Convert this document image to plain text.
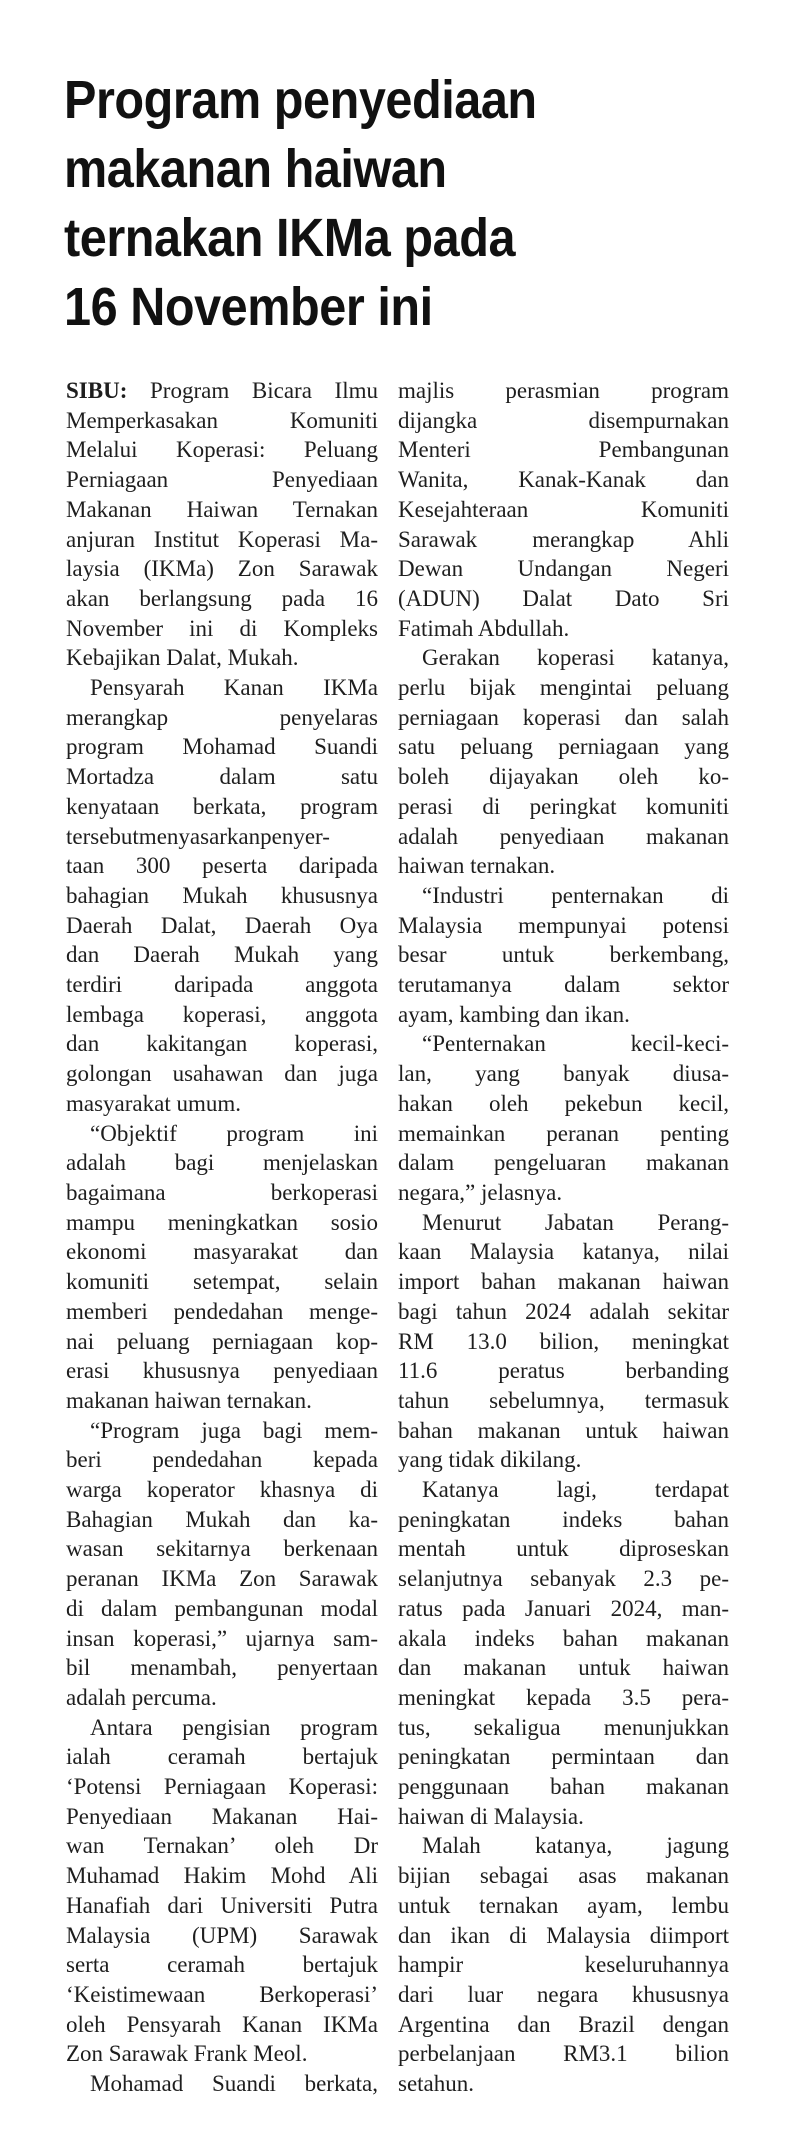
Program penyediaan
makanan haiwan
ternakan IKMa pada
16 November ini
SIBU: Program Bicara Ilmu
Memperkasakan Komuniti
Melalui Koperasi: Peluang
Perniagaan Penyediaan
Makanan Haiwan Ternakan
anjuran Institut Koperasi Ma-
laysia (IKMa) Zon Sarawak
akan berlangsung pada 16
November ini di Kompleks
Kebajikan Dalat, Mukah.
Pensyarah Kanan IKMa
merangkap penyelaras
program Mohamad Suandi
Mortadza dalam satu
kenyataan berkata, program
tersebutmenyasarkanpenyer-
taan 300 peserta daripada
bahagian Mukah khususnya
Daerah Dalat, Daerah Oya
dan Daerah Mukah yang
terdiri daripada anggota
lembaga koperasi, anggota
dan kakitangan koperasi,
golongan usahawan dan juga
masyarakat umum.
“Objektif program ini
adalah bagi menjelaskan
bagaimana berkoperasi
mampu meningkatkan sosio
ekonomi masyarakat dan
komuniti setempat, selain
memberi pendedahan menge-
nai peluang perniagaan kop-
erasi khususnya penyediaan
makanan haiwan ternakan.
“Program juga bagi mem-
beri pendedahan kepada
warga koperator khasnya di
Bahagian Mukah dan ka-
wasan sekitarnya berkenaan
peranan IKMa Zon Sarawak
di dalam pembangunan modal
insan koperasi,” ujarnya sam-
bil menambah, penyertaan
adalah percuma.
Antara pengisian program
ialah ceramah bertajuk
‘Potensi Perniagaan Koperasi:
Penyediaan Makanan Hai-
wan Ternakan’ oleh Dr
Muhamad Hakim Mohd Ali
Hanafiah dari Universiti Putra
Malaysia (UPM) Sarawak
serta ceramah bertajuk
‘Keistimewaan Berkoperasi’
oleh Pensyarah Kanan IKMa
Zon Sarawak Frank Meol.
Mohamad Suandi berkata,
majlis perasmian program
dijangka disempurnakan
Menteri Pembangunan
Wanita, Kanak-Kanak dan
Kesejahteraan Komuniti
Sarawak merangkap Ahli
Dewan Undangan Negeri
(ADUN) Dalat Dato Sri
Fatimah Abdullah.
Gerakan koperasi katanya,
perlu bijak mengintai peluang
perniagaan koperasi dan salah
satu peluang perniagaan yang
boleh dijayakan oleh ko-
perasi di peringkat komuniti
adalah penyediaan makanan
haiwan ternakan.
“Industri penternakan di
Malaysia mempunyai potensi
besar untuk berkembang,
terutamanya dalam sektor
ayam, kambing dan ikan.
“Penternakan kecil-keci-
lan, yang banyak diusa-
hakan oleh pekebun kecil,
memainkan peranan penting
dalam pengeluaran makanan
negara,” jelasnya.
Menurut Jabatan Perang-
kaan Malaysia katanya, nilai
import bahan makanan haiwan
bagi tahun 2024 adalah sekitar
RM 13.0 bilion, meningkat
11.6 peratus berbanding
tahun sebelumnya, termasuk
bahan makanan untuk haiwan
yang tidak dikilang.
Katanya lagi, terdapat
peningkatan indeks bahan
mentah untuk diproseskan
selanjutnya sebanyak 2.3 pe-
ratus pada Januari 2024, man-
akala indeks bahan makanan
dan makanan untuk haiwan
meningkat kepada 3.5 pera-
tus, sekaligua menunjukkan
peningkatan permintaan dan
penggunaan bahan makanan
haiwan di Malaysia.
Malah katanya, jagung
bijian sebagai asas makanan
untuk ternakan ayam, lembu
dan ikan di Malaysia diimport
hampir keseluruhannya
dari luar negara khususnya
Argentina dan Brazil dengan
perbelanjaan RM3.1 bilion
setahun.
